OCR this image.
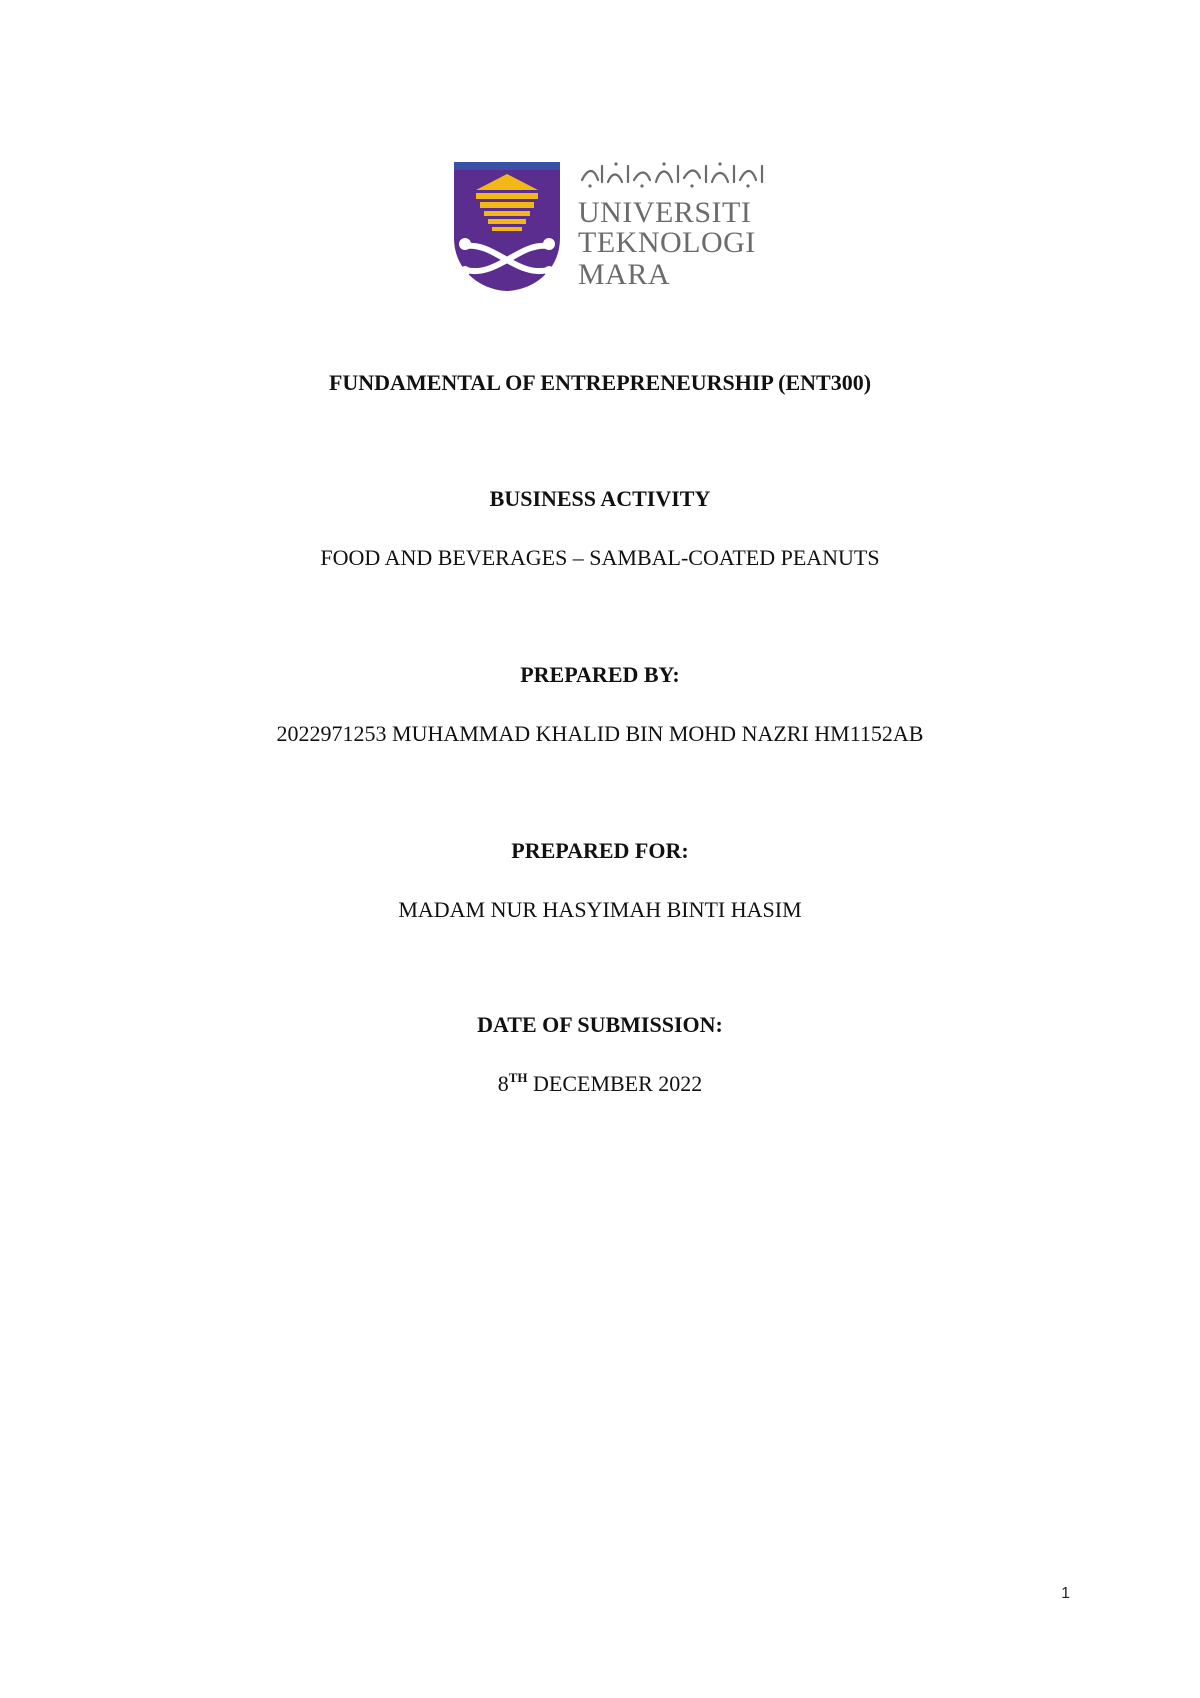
UNIVERSITI
TEKNOLOGI
MARA
FUNDAMENTAL OF ENTREPRENEURSHIP (ENT300)
BUSINESS ACTIVITY
FOOD AND BEVERAGES – SAMBAL-COATED PEANUTS
PREPARED BY:
2022971253 MUHAMMAD KHALID BIN MOHD NAZRI HM1152AB
PREPARED FOR:
MADAM NUR HASYIMAH BINTI HASIM
DATE OF SUBMISSION:
8TH DECEMBER 2022
1
